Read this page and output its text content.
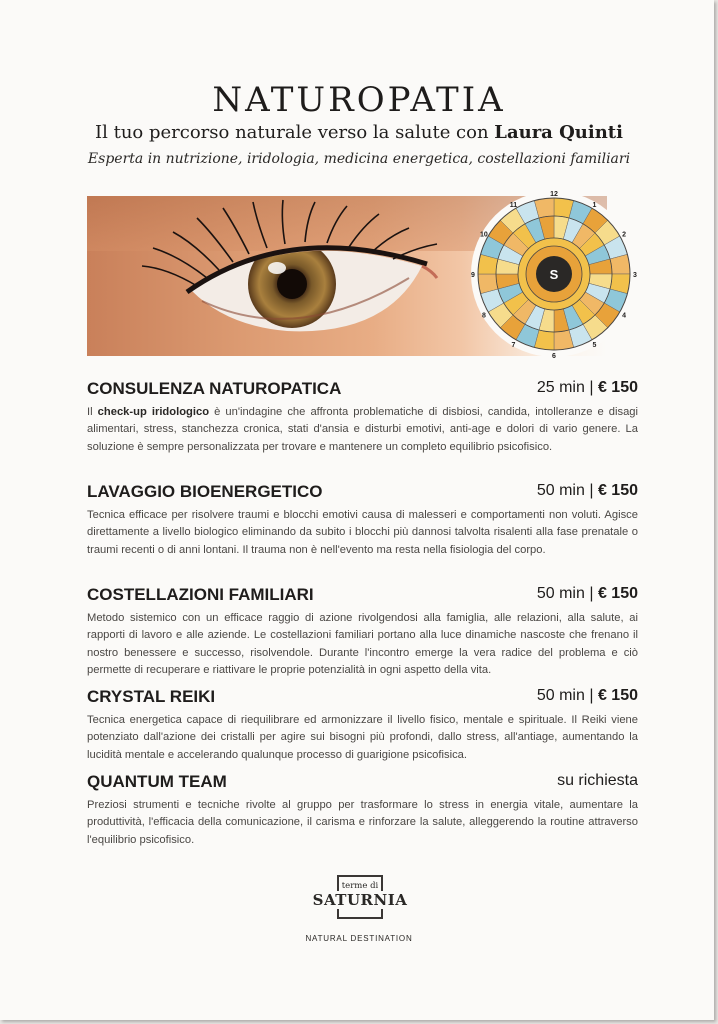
NATUROPATIA
Il tuo percorso naturale verso la salute con Laura Quinti
Esperta in nutrizione, iridologia, medicina energetica, costellazioni familiari
12
1
2
3
4
5
6
7
8
9
10
11
S
CONSULENZA NATUROPATICA	25 min | € 150
Il check-up iridologico è un'indagine che affronta problematiche di disbiosi, candida, intolleranze e disagi alimentari, stress, stanchezza cronica, stati d'ansia e disturbi emotivi, anti-age e dolori di vario genere. La soluzione è sempre personalizzata per trovare e mantenere un completo equilibrio psicofisico.
LAVAGGIO BIOENERGETICO	50 min | € 150
Tecnica efficace per risolvere traumi e blocchi emotivi causa di malesseri e comportamenti non voluti. Agisce direttamente a livello biologico eliminando da subito i blocchi più dannosi talvolta risalenti alla fase prenatale o traumi recenti o di anni lontani. Il trauma non è nell'evento ma resta nella fisiologia del corpo.
COSTELLAZIONI FAMILIARI	50 min | € 150
Metodo sistemico con un efficace raggio di azione rivolgendosi alla famiglia, alle relazioni, alla salute, ai rapporti di lavoro e alle aziende. Le costellazioni familiari portano alla luce dinamiche nascoste che frenano il nostro benessere e successo, risolvendole. Durante l'incontro emerge la vera radice del problema e ciò permette di recuperare e riattivare le proprie potenzialità in ogni aspetto della vita.
CRYSTAL REIKI	50 min | € 150
Tecnica energetica capace di riequilibrare ed armonizzare il livello fisico, mentale e spirituale. Il Reiki viene potenziato dall'azione dei cristalli per agire sui bisogni più profondi, dallo stress, all'antiage, aumentando la lucidità mentale e accelerando qualunque processo di guarigione psicofisica.
QUANTUM TEAM	su richiesta
Preziosi strumenti e tecniche rivolte al gruppo per trasformare lo stress in energia vitale, aumentare la produttività, l'efficacia della comunicazione, il carisma e rinforzare la salute, alleggerendo la routine attraverso l'equilibrio psicofisico.
terme di
SATURNIA
NATURAL DESTINATION
